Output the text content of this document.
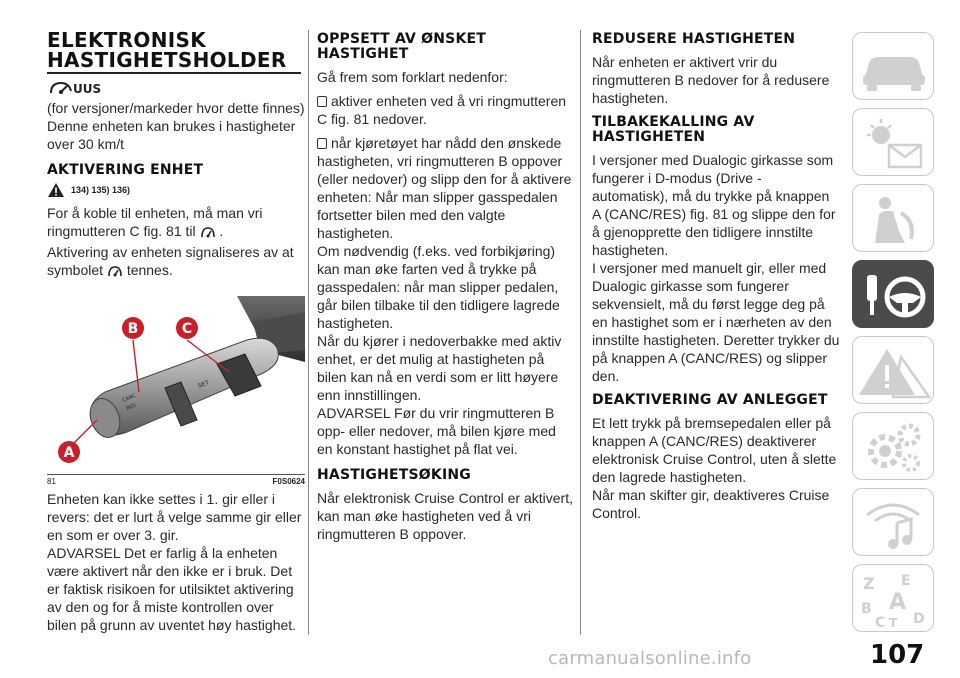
ELEKTRONISK
HASTIGHETSHOLDER
UUS

(for versjoner/markeder hvor dette finnes)

Denne enheten kan brukes i hastigheter over 30 km/t

AKTIVERING ENHET
134) 135) 136)

For å koble til enheten, må man vri ringmutteren C fig. 81 til .

Aktivering av enheten signaliseres av at symbolet tennes.

CANC
RES
SET
B	C
A
81	F0S0624

Enheten kan ikke settes i 1. gir eller i revers: det er lurt å velge samme gir eller en som er over 3. gir.

ADVARSEL Det er farlig å la enheten være aktivert når den ikke er i bruk. Det er faktisk risikoen for utilsiktet aktivering av den og for å miste kontrollen over bilen på grunn av uventet høy hastighet.

OPPSETT AV ØNSKET HASTIGHET

Gå frem som forklart nedenfor:

aktiver enheten ved å vri ringmutteren C fig. 81 nedover.

når kjøretøyet har nådd den ønskede hastigheten, vri ringmutteren B oppover (eller nedover) og slipp den for å aktivere enheten: Når man slipper gasspedalen fortsetter bilen med den valgte hastigheten.

Om nødvendig (f.eks. ved forbikjøring) kan man øke farten ved å trykke på gasspedalen: når man slipper pedalen, går bilen tilbake til den tidligere lagrede hastigheten.

Når du kjører i nedoverbakke med aktiv enhet, er det mulig at hastigheten på bilen kan nå en verdi som er litt høyere enn innstillingen.

ADVARSEL Før du vrir ringmutteren B opp- eller nedover, må bilen kjøre med en konstant hastighet på flat vei.

HASTIGHETSØKING

Når elektronisk Cruise Control er aktivert, kan man øke hastigheten ved å vri ringmutteren B oppover.

REDUSERE HASTIGHETEN

Når enheten er aktivert vrir du ringmutteren B nedover for å redusere hastigheten.

TILBAKEKALLING AV HASTIGHETEN

I versjoner med Dualogic girkasse som fungerer i D-modus (Drive - automatisk), må du trykke på knappen A (CANC/RES) fig. 81 og slippe den for å gjenopprette den tidligere innstilte hastigheten.

I versjoner med manuelt gir, eller med Dualogic girkasse som fungerer sekvensielt, må du først legge deg på en hastighet som er i nærheten av den innstilte hastigheten. Deretter trykker du på knappen A (CANC/RES) og slipper den.

DEAKTIVERING AV ANLEGGET

Et lett trykk på bremsepedalen eller på knappen A (CANC/RES) deaktiverer elektronisk Cruise Control, uten å slette den lagrede hastigheten.

Når man skifter gir, deaktiveres Cruise Control.

Z E
B A
C T D
carmanualsonline.info	107
